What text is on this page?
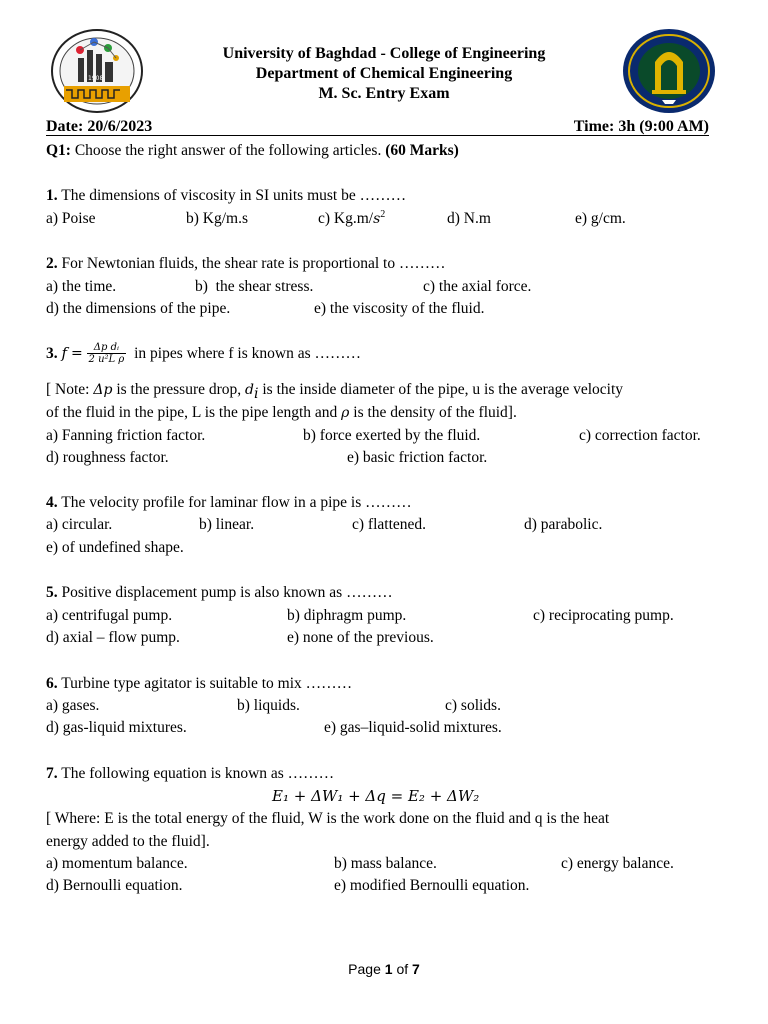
1908
University of Baghdad - College of Engineering
Department of Chemical Engineering
M. Sc. Entry Exam
Date: 20/6/2023	Time: 3h (9:00 AM)
Q1: Choose the right answer of the following articles. (60 Marks)
1. The dimensions of viscosity in SI units must be ………
a) Poise	b) Kg/m.s	c) $Kg.m/s^2$	d) N.m	e) g/cm.
2. For Newtonian fluids, the shear rate is proportional to ………
a) the time.	b)  the shear stress.	c) the axial force.
d) the dimensions of the pipe.	e) the viscosity of the fluid.
3. $f = \frac{\text{Δp dᵢ}}{\text{2 u²L ρ}}$ in pipes where f is known as ………
[ Note: Δp is the pressure drop, $d_i$ is the inside diameter of the pipe, u is the average velocity
of the fluid in the pipe, L is the pipe length and ρ is the density of the fluid].
a) Fanning friction factor.	b) force exerted by the fluid.	c) correction factor.
d) roughness factor.	e) basic friction factor.
4. The velocity profile for laminar flow in a pipe is ………
a) circular.	b) linear.	c) flattened.	d) parabolic.
e) of undefined shape.
5. Positive displacement pump is also known as ………
a) centrifugal pump.	b) diphragm pump.	c) reciprocating pump.
d) axial – flow pump.	e) none of the previous.
6. Turbine type agitator is suitable to mix ………
a) gases.	b) liquids.	c) solids.
d) gas-liquid mixtures.	e) gas–liquid-solid mixtures.
7. The following equation is known as ………
E₁ + ΔW₁ + Δq = E₂ + ΔW₂
[ Where: E is the total energy of the fluid, W is the work done on the fluid and q is the heat
energy added to the fluid].
a) momentum balance.	b) mass balance.	c) energy balance.
d) Bernoulli equation.	e) modified Bernoulli equation.
Page 1 of 7
